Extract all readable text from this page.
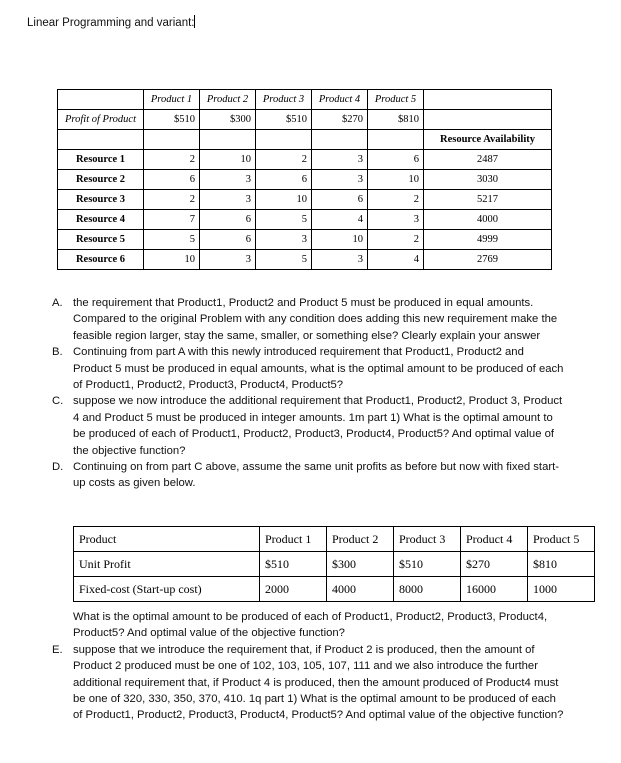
Linear Programming and variant:
	Product 1	Product 2	Product 3	Product 4	Product 5	
Profit of Product	$510	$300	$510	$270	$810	
						Resource Availability
Resource 1	2	10	2	3	6	2487
Resource 2	6	3	6	3	10	3030
Resource 3	2	3	10	6	2	5217
Resource 4	7	6	5	4	3	4000
Resource 5	5	6	3	10	2	4999
Resource 6	10	3	5	3	4	2769
A. the requirement that Product1, Product2 and Product 5 must be produced in equal amounts. Compared to the original Problem with any condition does adding this new requirement make the feasible region larger, stay the same, smaller, or something else? Clearly explain your answer
B. Continuing from part A with this newly introduced requirement that Product1, Product2 and Product 5 must be produced in equal amounts, what is the optimal amount to be produced of each of Product1, Product2, Product3, Product4, Product5?
C. suppose we now introduce the additional requirement that Product1, Product2, Product 3, Product 4 and Product 5 must be produced in integer amounts. 1m part 1) What is the optimal amount to be produced of each of Product1, Product2, Product3, Product4, Product5? And optimal value of the objective function?
D. Continuing on from part C above, assume the same unit profits as before but now with fixed start-up costs as given below.
Product	Product 1	Product 2	Product 3	Product 4	Product 5
Unit Profit	$510	$300	$510	$270	$810
Fixed-cost (Start-up cost)	2000	4000	8000	16000	1000
What is the optimal amount to be produced of each of Product1, Product2, Product3, Product4, Product5? And optimal value of the objective function?
E. suppose that we introduce the requirement that, if Product 2 is produced, then the amount of Product 2 produced must be one of 102, 103, 105, 107, 111 and we also introduce the further additional requirement that, if Product 4 is produced, then the amount produced of Product4 must be one of 320, 330, 350, 370, 410. 1q part 1) What is the optimal amount to be produced of each of Product1, Product2, Product3, Product4, Product5? And optimal value of the objective function?
